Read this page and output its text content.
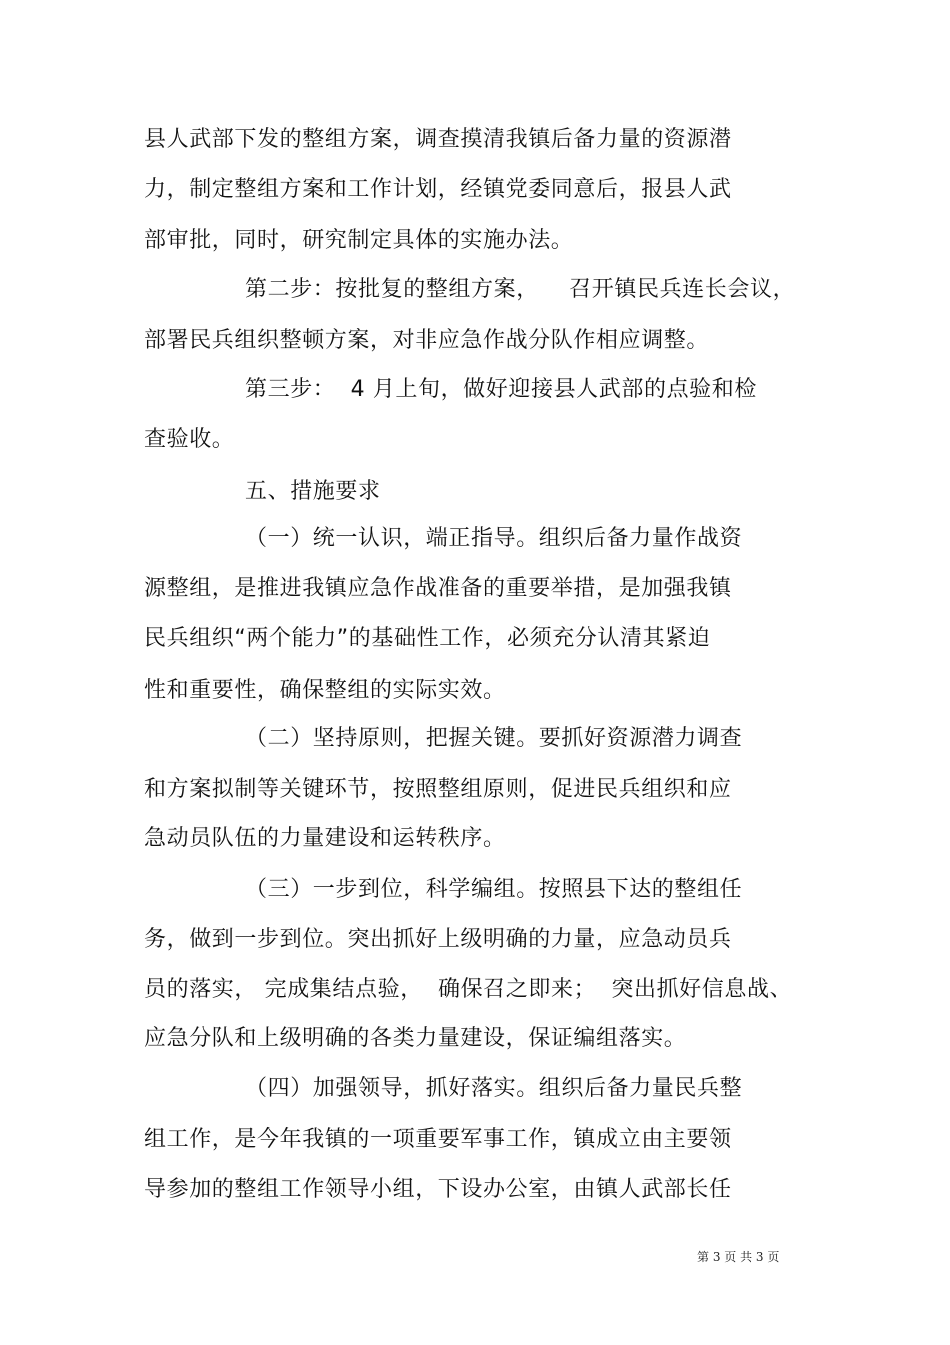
县人武部下发的整组方案，调查摸清我镇后备力量的资源潜
力，制定整组方案和工作计划，经镇党委同意后，报县人武
部审批，同时，研究制定具体的实施办法。
第二步：按批复的整组方案，    召开镇民兵连长会议，
部署民兵组织整顿方案，对非应急作战分队作相应调整。
第三步：  4 月上旬，做好迎接县人武部的点验和检
查验收。
五、措施要求
（一）统一认识，端正指导。组织后备力量作战资
源整组，是推进我镇应急作战准备的重要举措，是加强我镇
民兵组织“两个能力”的基础性工作，必须充分认清其紧迫
性和重要性，确保整组的实际实效。
（二）坚持原则，把握关键。要抓好资源潜力调查
和方案拟制等关键环节，按照整组原则，促进民兵组织和应
急动员队伍的力量建设和运转秩序。
（三）一步到位，科学编组。按照县下达的整组任
务，做到一步到位。突出抓好上级明确的力量，应急动员兵
员的落实， 完成集结点验，  确保召之即来；  突出抓好信息战、
应急分队和上级明确的各类力量建设，保证编组落实。
（四）加强领导，抓好落实。组织后备力量民兵整
组工作，是今年我镇的一项重要军事工作，镇成立由主要领
导参加的整组工作领导小组，下设办公室，由镇人武部长任
第 3 页 共 3 页
